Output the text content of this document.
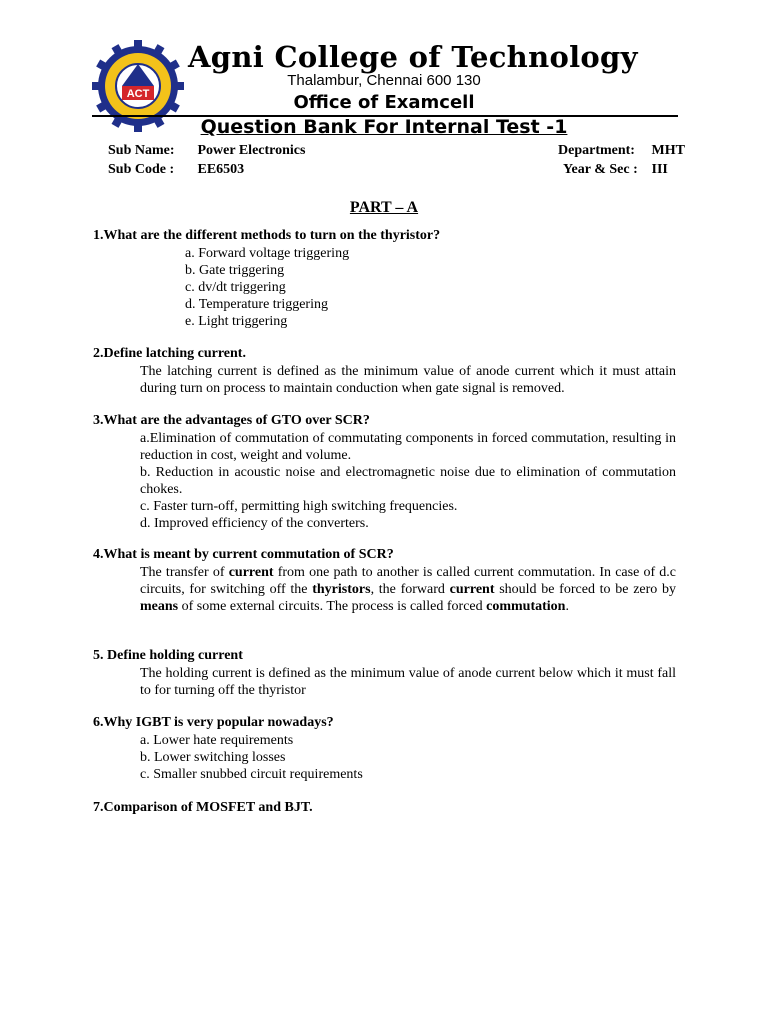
ACT
Agni College of Technology
Thalambur, Chennai 600 130
Office of Examcell
Question Bank For Internal Test -1
Sub Name: Power Electronics
Sub Code : EE6503
Department: MHT
Year & Sec : III
PART – A
1.What are the different methods to turn on the thyristor?
a. Forward voltage triggering
b. Gate triggering
c. dv/dt triggering
d. Temperature triggering
e. Light triggering
2.Define latching current.
The latching current is defined as the minimum value of anode current which it must attain during turn on process to maintain conduction when gate signal is removed.
3.What are the advantages of GTO over SCR?

a.Elimination of commutation of commutating components in forced commutation, resulting in reduction in cost, weight and volume.

b. Reduction in acoustic noise and electromagnetic noise due to elimination of commutation chokes.

c. Faster turn-off, permitting high switching frequencies.

d. Improved efficiency of the converters.

4.What is meant by current commutation of SCR?
The transfer of current from one path to another is called current commutation. In case of d.c circuits, for switching off the thyristors, the forward current should be forced to be zero by means of some external circuits. The process is called forced commutation.
5. Define holding current
The holding current is defined as the minimum value of anode current below which it must fall to for turning off the thyristor
6.Why IGBT is very popular nowadays?
a. Lower hate requirements
b. Lower switching losses
c. Smaller snubbed circuit requirements
7.Comparison of MOSFET and BJT.
